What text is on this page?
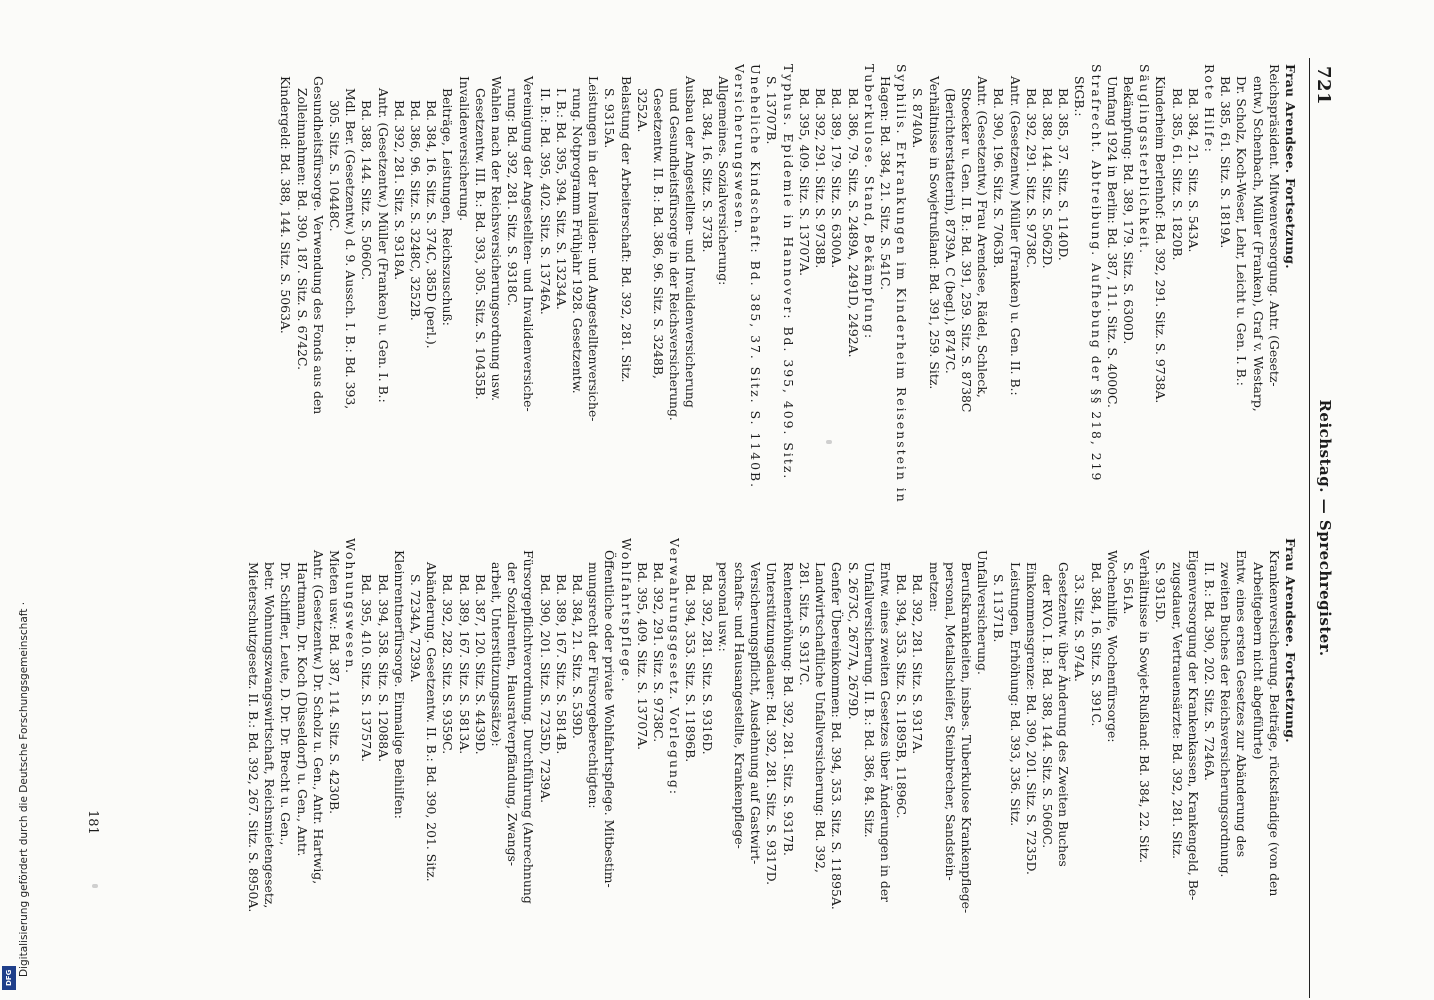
Digitalisierung gefördert durch die Deutsche Forschungsgemeinschaft ·
DFG
721
Reichstag. — Sprechregister.

Frau Arendsee. Fortsetzung.

Krankenversicherung. Beiträge, rückständige (von den

Arbeitgebern nicht abgeführte)

Entw. eines ersten Gesetzes zur Abänderung des

zweiten Buches der Reichsversicherungsordnung.

II. B.: Bd. 390, 202. Sitz. S. 7246A.

Eigenversorgung der Krankenkassen, Krankengeld, Be-

zugsdauer, Vertrauensärzte: Bd. 392, 281. Sitz.

S. 9315D.

Verhältnisse in Sowjet-Rußland: Bd. 384, 22. Sitz.

S. 561A.

Wochenhilfe, Wochenfürsorge:

Bd. 384, 16. Sitz. S. 391C.

33. Sitz. S. 974A.

Gesetzentw. über Änderung des Zweiten Buches

der RVO. I. B.: Bd. 388, 144. Sitz. S. 5060C.

Einkommensgrenze: Bd. 390, 201. Sitz. S. 7235D.

Leistungen, Erhöhung: Bd. 393, 336. Sitz.

S. 11371B.

Unfallversicherung.

Berufskrankheiten, insbes. Tuberkulose Krankenpflege-

personal, Metallschleifer, Steinbrecher, Sandstein-

metzen:

Bd. 392, 281. Sitz. S. 9317A.

Bd. 394, 353. Sitz. S. 11895B, 11896C.

Entw. eines zweiten Gesetzes über Änderungen in der

Unfallversicherung. II. B.: Bd. 386, 84. Sitz.

S. 2673C, 2677A, 2679D.

Genfer Übereinkommen: Bd. 394, 353. Sitz. S. 11895A.

Landwirtschaftliche Unfallversicherung: Bd. 392,

281. Sitz. S. 9317C.

Rentenerhöhung: Bd. 392, 281. Sitz. S. 9317B.

Unterstützungsdauer: Bd. 392, 281. Sitz. S. 9317D.

Versicherungspflicht, Ausdehnung auf Gastwirt-

schafts- und Hausangestellte, Krankenpflege-

personal usw.:

Bd. 392, 281. Sitz. S. 9316D.

Bd. 394, 353. Sitz. S. 11896B.

Verwahrungsgesetz. Vorlegung:

Bd. 392, 291. Sitz. S. 9738C.

Bd. 395, 409. Sitz. S. 13707A.

Wohlfahrtspflege.

Öffentliche oder private Wohlfahrtspflege. Mitbestim-

mungsrecht der Fürsorgeberechtigten:

Bd. 384, 21. Sitz. S. 539D.

Bd. 389, 167. Sitz. S. 5814B.

Bd. 390, 201. Sitz. S. 7235D, 7239A.

Fürsorgepflichtverordnung. Durchführung (Anrechnung

der Sozialrenten, Hausratverpfändung, Zwangs-

arbeit, Unterstützungssätze):

Bd. 387, 120. Sitz. S. 4439D.

Bd. 389, 167. Sitz. S. 5813A.

Bd. 392, 282. Sitz. S. 9359C.

Abänderung. Gesetzentw. II. B.: Bd. 390, 201. Sitz.

S. 7234A, 7239A.

Kleinrentnerfürsorge. Einmalige Beihilfen:

Bd. 394, 358. Sitz. S. 12088A.

Bd. 395, 410. Sitz. S. 13757A.

Wohnungswesen.

Mieten usw.: Bd. 387, 114. Sitz. S. 4230B.

Antr. (Gesetzentw.) Dr. Scholz u. Gen., Antr. Hartwig,

Hartmann, Dr. Koch (Düsseldorf) u. Gen., Antr.

Dr. Schiffler, Leute, D. Dr. Dr. Brecht u. Gen.,

betr. Wohnungszwangswirtschaft, Reichsmietengesetz,

Mieterschutzgesetz. II. B.: Bd. 392, 267. Sitz. S. 8950A.

Frau Arendsee. Fortsetzung.

Reichspräsident. Mitwenversorgung. Antr. (Gesetz-

entw.) Schenbach, Müller (Franken), Graf v. Westarp,

Dr. Scholz, Koch-Weser, Lehr, Leicht u. Gen. I. B.:

Bd. 385, 61. Sitz. S. 1819A.

Rote Hilfe:

Bd. 384, 21. Sitz. S. 543A.

Bd. 385, 61. Sitz. S. 1820B.

Kinderheim Berlenhof: Bd. 392, 291. Sitz. S. 9738A.

Säuglingssterblichkeit.

Bekämpfung: Bd. 389, 179. Sitz. S. 6300D.

Umfang 1924 in Berlin: Bd. 387, 111. Sitz. S. 4000C.

Strafrecht. Abtreibung. Aufhebung der §§ 218, 219

StGB.:

Bd. 385, 37. Sitz. S. 1140D.

Bd. 388, 144. Sitz. S. 5062D.

Bd. 392, 291. Sitz. S. 9738C.

Antr. (Gesetzentw.) Müller (Franken) u. Gen. II. B.:

Bd. 390, 196. Sitz. S. 7063B.

Antr. (Gesetzentw.) Frau Arendsee, Rädel, Schleck,

Stoecker u. Gen. II. B.: Bd. 391, 259. Sitz. S. 8738C

(Berichterstatterin), 8739A. C (begl.), 8747C.

Verhältnisse in Sowjetrußland: Bd. 391, 259. Sitz.

S. 8740A.

Syphilis. Erkrankungen im Kinderheim Reisenstein in

Hagen: Bd. 384, 21. Sitz. S. 541C.

Tuberkulose. Stand, Bekämpfung:

Bd. 386, 79. Sitz. S. 2489A, 2491D, 2492A.

Bd. 389, 179. Sitz. S. 6300A.

Bd. 392, 291. Sitz. S. 9738B.

Bd. 395, 409. Sitz. S. 13707A.

Typhus. Epidemie in Hannover: Bd. 395, 409. Sitz.

S. 13707B.

Uneheliche Kindschaft: Bd. 385, 37. Sitz. S. 1140B.

Versicherungswesen.

Allgemeines. Sozialversicherung:

Bd. 384, 16. Sitz. S. 373B.

Ausbau der Angestellten- und Invalidenversicherung

und Gesundheitsfürsorge in der Reichsversicherung.

Gesetzentw. II. B.: Bd. 386, 96. Sitz. S. 3248B,

3252A.

Belastung der Arbeiterschaft: Bd. 392, 281. Sitz.

S. 9315A.

Leistungen in der Invaliden- und Angestelltenversiche-

rung. Notprogramm Frühjahr 1928. Gesetzentw.

I. B.: Bd. 395, 394. Sitz. S. 13234A.

II. B.: Bd. 395, 402. Sitz. S. 13746A.

Vereinigung der Angestellten- und Invalidenversiche-

rung: Bd. 392, 281. Sitz. S. 9318C.

Wahlen nach der Reichsversicherungsordnung usw.

Gesetzentw. III. B.: Bd. 393, 305. Sitz. S. 10435B.

Invalidenversicherung.

Beiträge, Leistungen, Reichszuschuß:

Bd. 384, 16. Sitz. S. 374C, 385D (perl.).

Bd. 386, 96. Sitz. S. 3248C, 3252B.

Bd. 392, 281. Sitz. S. 9318A.

Antr. (Gesetzentw.) Müller (Franken) u. Gen. I. B.:

Bd. 388, 144. Sitz. S. 5060C.

Mdl. Ber. (Gesetzentw.) d. 9. Aussch. I. B.: Bd. 393,

305. Sitz. S. 10448C.

Gesundheitsfürsorge. Verwendung des Fonds aus den

Zolleinnahmen: Bd. 390, 187. Sitz. S. 6742C.

Kindergeld: Bd. 388, 144. Sitz. S. 5063A.

181
